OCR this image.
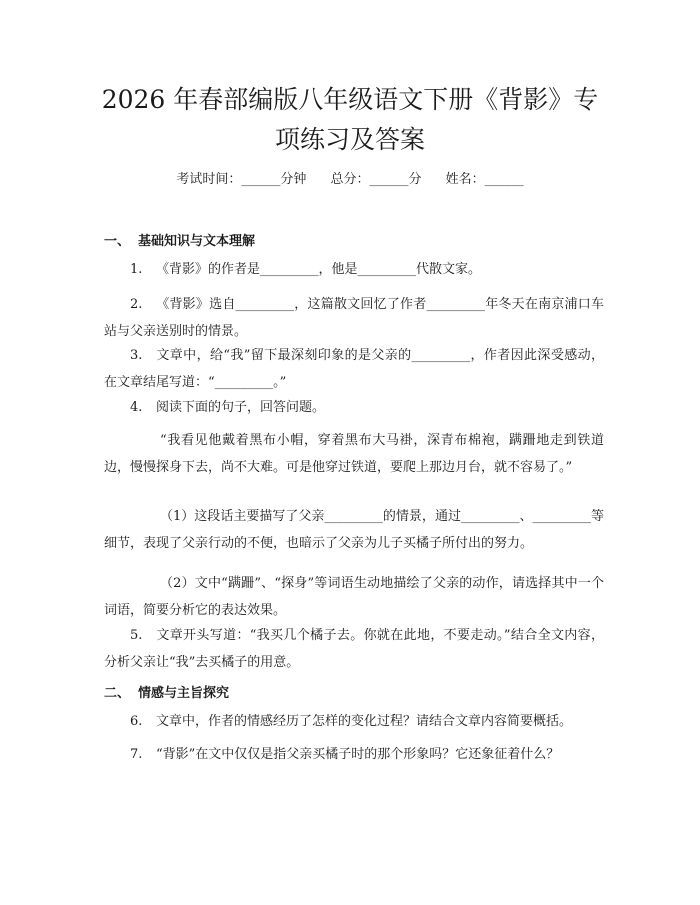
2026 年春部编版八年级语文下册《背影》专
项练习及答案
考试时间：______分钟 总分：______分 姓名：______
一、 基础知识与文本理解
1. 《背影》的作者是_________，他是_________代散文家。
2. 《背影》选自_________，这篇散文回忆了作者_________年冬天在南京浦口车站与父亲送别时的情景。
3. 文章中，给“我”留下最深刻印象的是父亲的_________，作者因此深受感动，在文章结尾写道：“_________。”
4. 阅读下面的句子，回答问题。
“我看见他戴着黑布小帽，穿着黑布大马褂，深青布棉袍，蹒跚地走到铁道边，慢慢探身下去，尚不大难。可是他穿过铁道，要爬上那边月台，就不容易了。”
（1）这段话主要描写了父亲_________的情景，通过_________、_________等细节，表现了父亲行动的不便，也暗示了父亲为儿子买橘子所付出的努力。
（2）文中“蹒跚”、“探身”等词语生动地描绘了父亲的动作，请选择其中一个词语，简要分析它的表达效果。
5. 文章开头写道：“我买几个橘子去。你就在此地，不要走动。”结合全文内容，分析父亲让“我”去买橘子的用意。
二、 情感与主旨探究
6. 文章中，作者的情感经历了怎样的变化过程？请结合文章内容简要概括。
7. “背影”在文中仅仅是指父亲买橘子时的那个形象吗？它还象征着什么？
